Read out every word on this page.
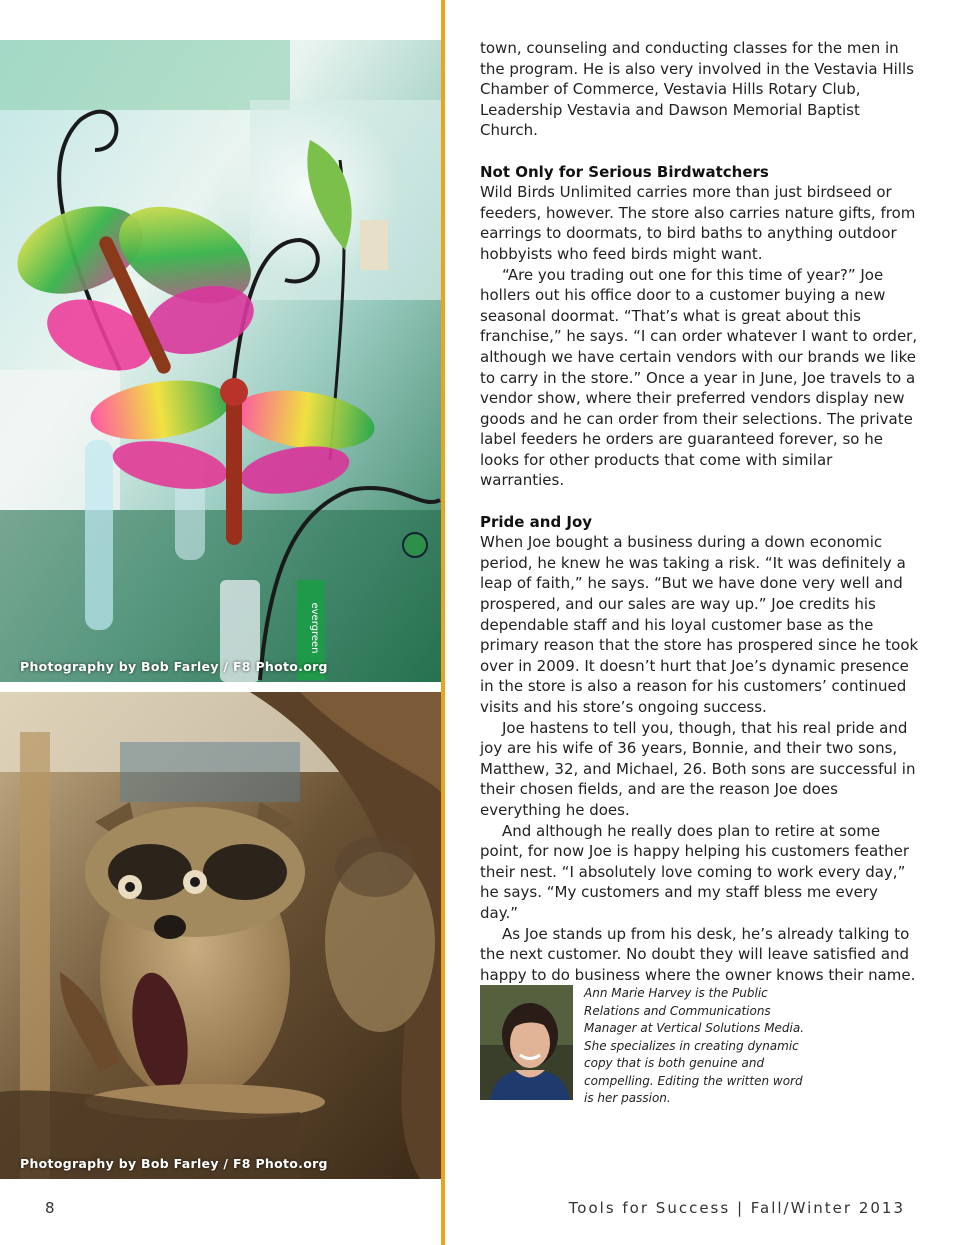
evergreen
Photography by Bob Farley / F8 Photo.org
Photography by Bob Farley / F8 Photo.org

town, counseling and conducting classes for the men in the program. He is also very involved in the Vestavia Hills Chamber of Commerce, Vestavia Hills Rotary Club, Leadership Vestavia and Dawson Memorial Baptist Church.

Not Only for Serious Birdwatchers

Wild Birds Unlimited carries more than just birdseed or feeders, however. The store also carries nature gifts, from earrings to doormats, to bird baths to anything outdoor hobbyists who feed birds might want.

“Are you trading out one for this time of year?” Joe hollers out his office door to a customer buying a new seasonal doormat. “That’s what is great about this franchise,” he says. “I can order whatever I want to order, although we have certain vendors with our brands we like to carry in the store.” Once a year in June, Joe travels to a vendor show, where their preferred vendors display new goods and he can order from their selections. The private label feeders he orders are guaranteed forever, so he looks for other products that come with similar warranties.

Pride and Joy

When Joe bought a business during a down economic period, he knew he was taking a risk. “It was definitely a leap of faith,” he says. “But we have done very well and prospered, and our sales are way up.” Joe credits his dependable staff and his loyal customer base as the primary reason that the store has prospered since he took over in 2009. It doesn’t hurt that Joe’s dynamic presence in the store is also a reason for his customers’ continued visits and his store’s ongoing success.

Joe hastens to tell you, though, that his real pride and joy are his wife of 36 years, Bonnie, and their two sons, Matthew, 32, and Michael, 26. Both sons are successful in their chosen fields, and are the reason Joe does everything he does.

And although he really does plan to retire at some point, for now Joe is happy helping his customers feather their nest. “I absolutely love coming to work every day,” he says. “My customers and my staff bless me every day.”

As Joe stands up from his desk, he’s already talking to the next customer. No doubt they will leave satisfied and happy to do business where the owner knows their name.

Ann Marie Harvey is the Public Relations and Communications Manager at Vertical Solutions Media. She specializes in creating dynamic copy that is both genuine and compelling. Editing the written word is her passion.
8	Tools for Success | Fall/Winter 2013
